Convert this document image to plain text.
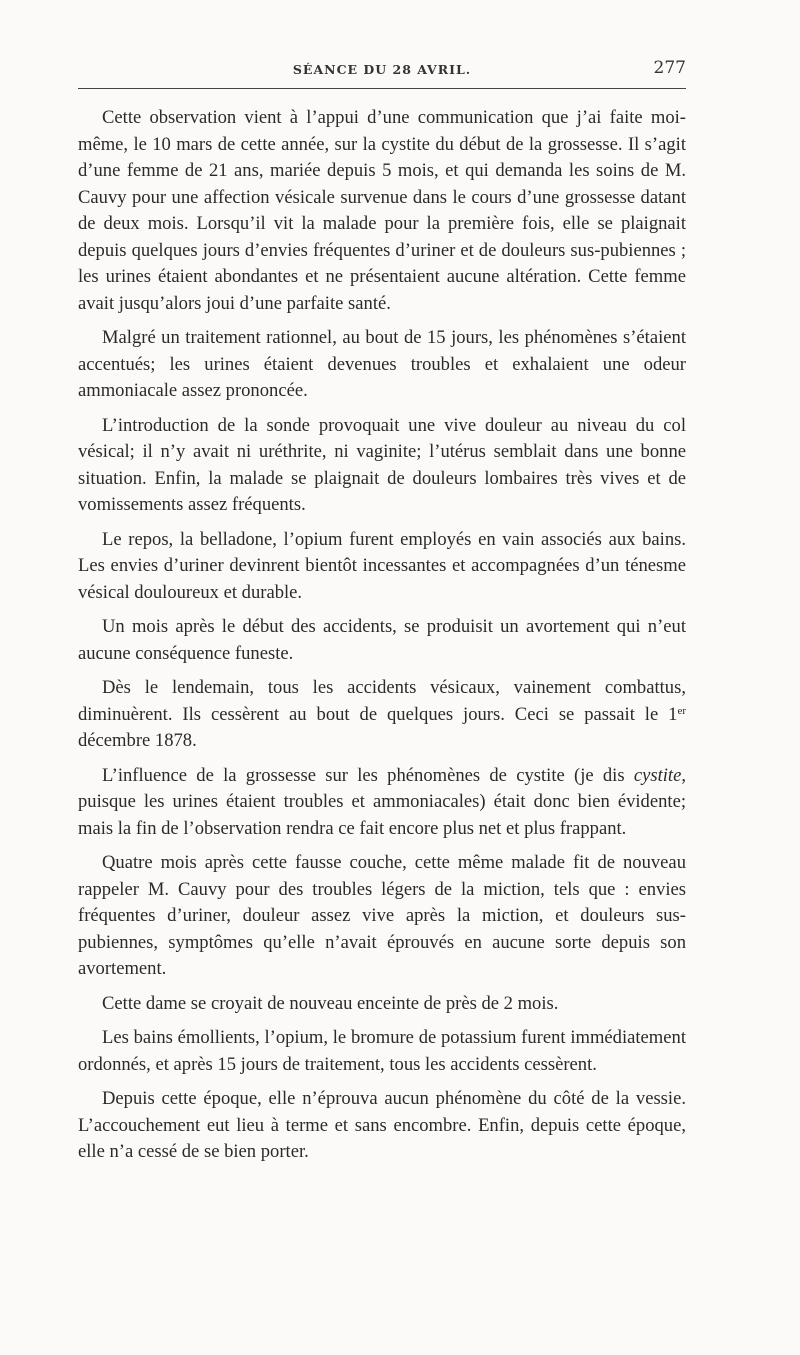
SÉANCE DU 28 AVRIL.	277

Cette observation vient à l’appui d’une communication que j’ai faite moi-même, le 10 mars de cette année, sur la cystite du début de la grossesse. Il s’agit d’une femme de 21 ans, mariée depuis 5 mois, et qui demanda les soins de M. Cauvy pour une affection vésicale survenue dans le cours d’une grossesse datant de deux mois. Lorsqu’il vit la malade pour la première fois, elle se plaignait depuis quelques jours d’envies fréquentes d’uriner et de douleurs sus-pubiennes ; les urines étaient abondantes et ne présentaient aucune altération. Cette femme avait jusqu’alors joui d’une parfaite santé.

Malgré un traitement rationnel, au bout de 15 jours, les phénomènes s’étaient accentués; les urines étaient devenues troubles et exhalaient une odeur ammoniacale assez prononcée.

L’introduction de la sonde provoquait une vive douleur au niveau du col vésical; il n’y avait ni uréthrite, ni vaginite; l’utérus semblait dans une bonne situation. Enfin, la malade se plaignait de douleurs lombaires très vives et de vomissements assez fréquents.

Le repos, la belladone, l’opium furent employés en vain associés aux bains. Les envies d’uriner devinrent bientôt incessantes et accompagnées d’un ténesme vésical douloureux et durable.

Un mois après le début des accidents, se produisit un avortement qui n’eut aucune conséquence funeste.

Dès le lendemain, tous les accidents vésicaux, vainement combattus, diminuèrent. Ils cessèrent au bout de quelques jours. Ceci se passait le 1er décembre 1878.

L’influence de la grossesse sur les phénomènes de cystite (je dis cystite, puisque les urines étaient troubles et ammoniacales) était donc bien évidente; mais la fin de l’observation rendra ce fait encore plus net et plus frappant.

Quatre mois après cette fausse couche, cette même malade fit de nouveau rappeler M. Cauvy pour des troubles légers de la miction, tels que : envies fréquentes d’uriner, douleur assez vive après la miction, et douleurs sus-pubiennes, symptômes qu’elle n’avait éprouvés en aucune sorte depuis son avortement.

Cette dame se croyait de nouveau enceinte de près de 2 mois.

Les bains émollients, l’opium, le bromure de potassium furent immédiatement ordonnés, et après 15 jours de traitement, tous les accidents cessèrent.

Depuis cette époque, elle n’éprouva aucun phénomène du côté de la vessie. L’accouchement eut lieu à terme et sans encombre. Enfin, depuis cette époque, elle n’a cessé de se bien porter.
